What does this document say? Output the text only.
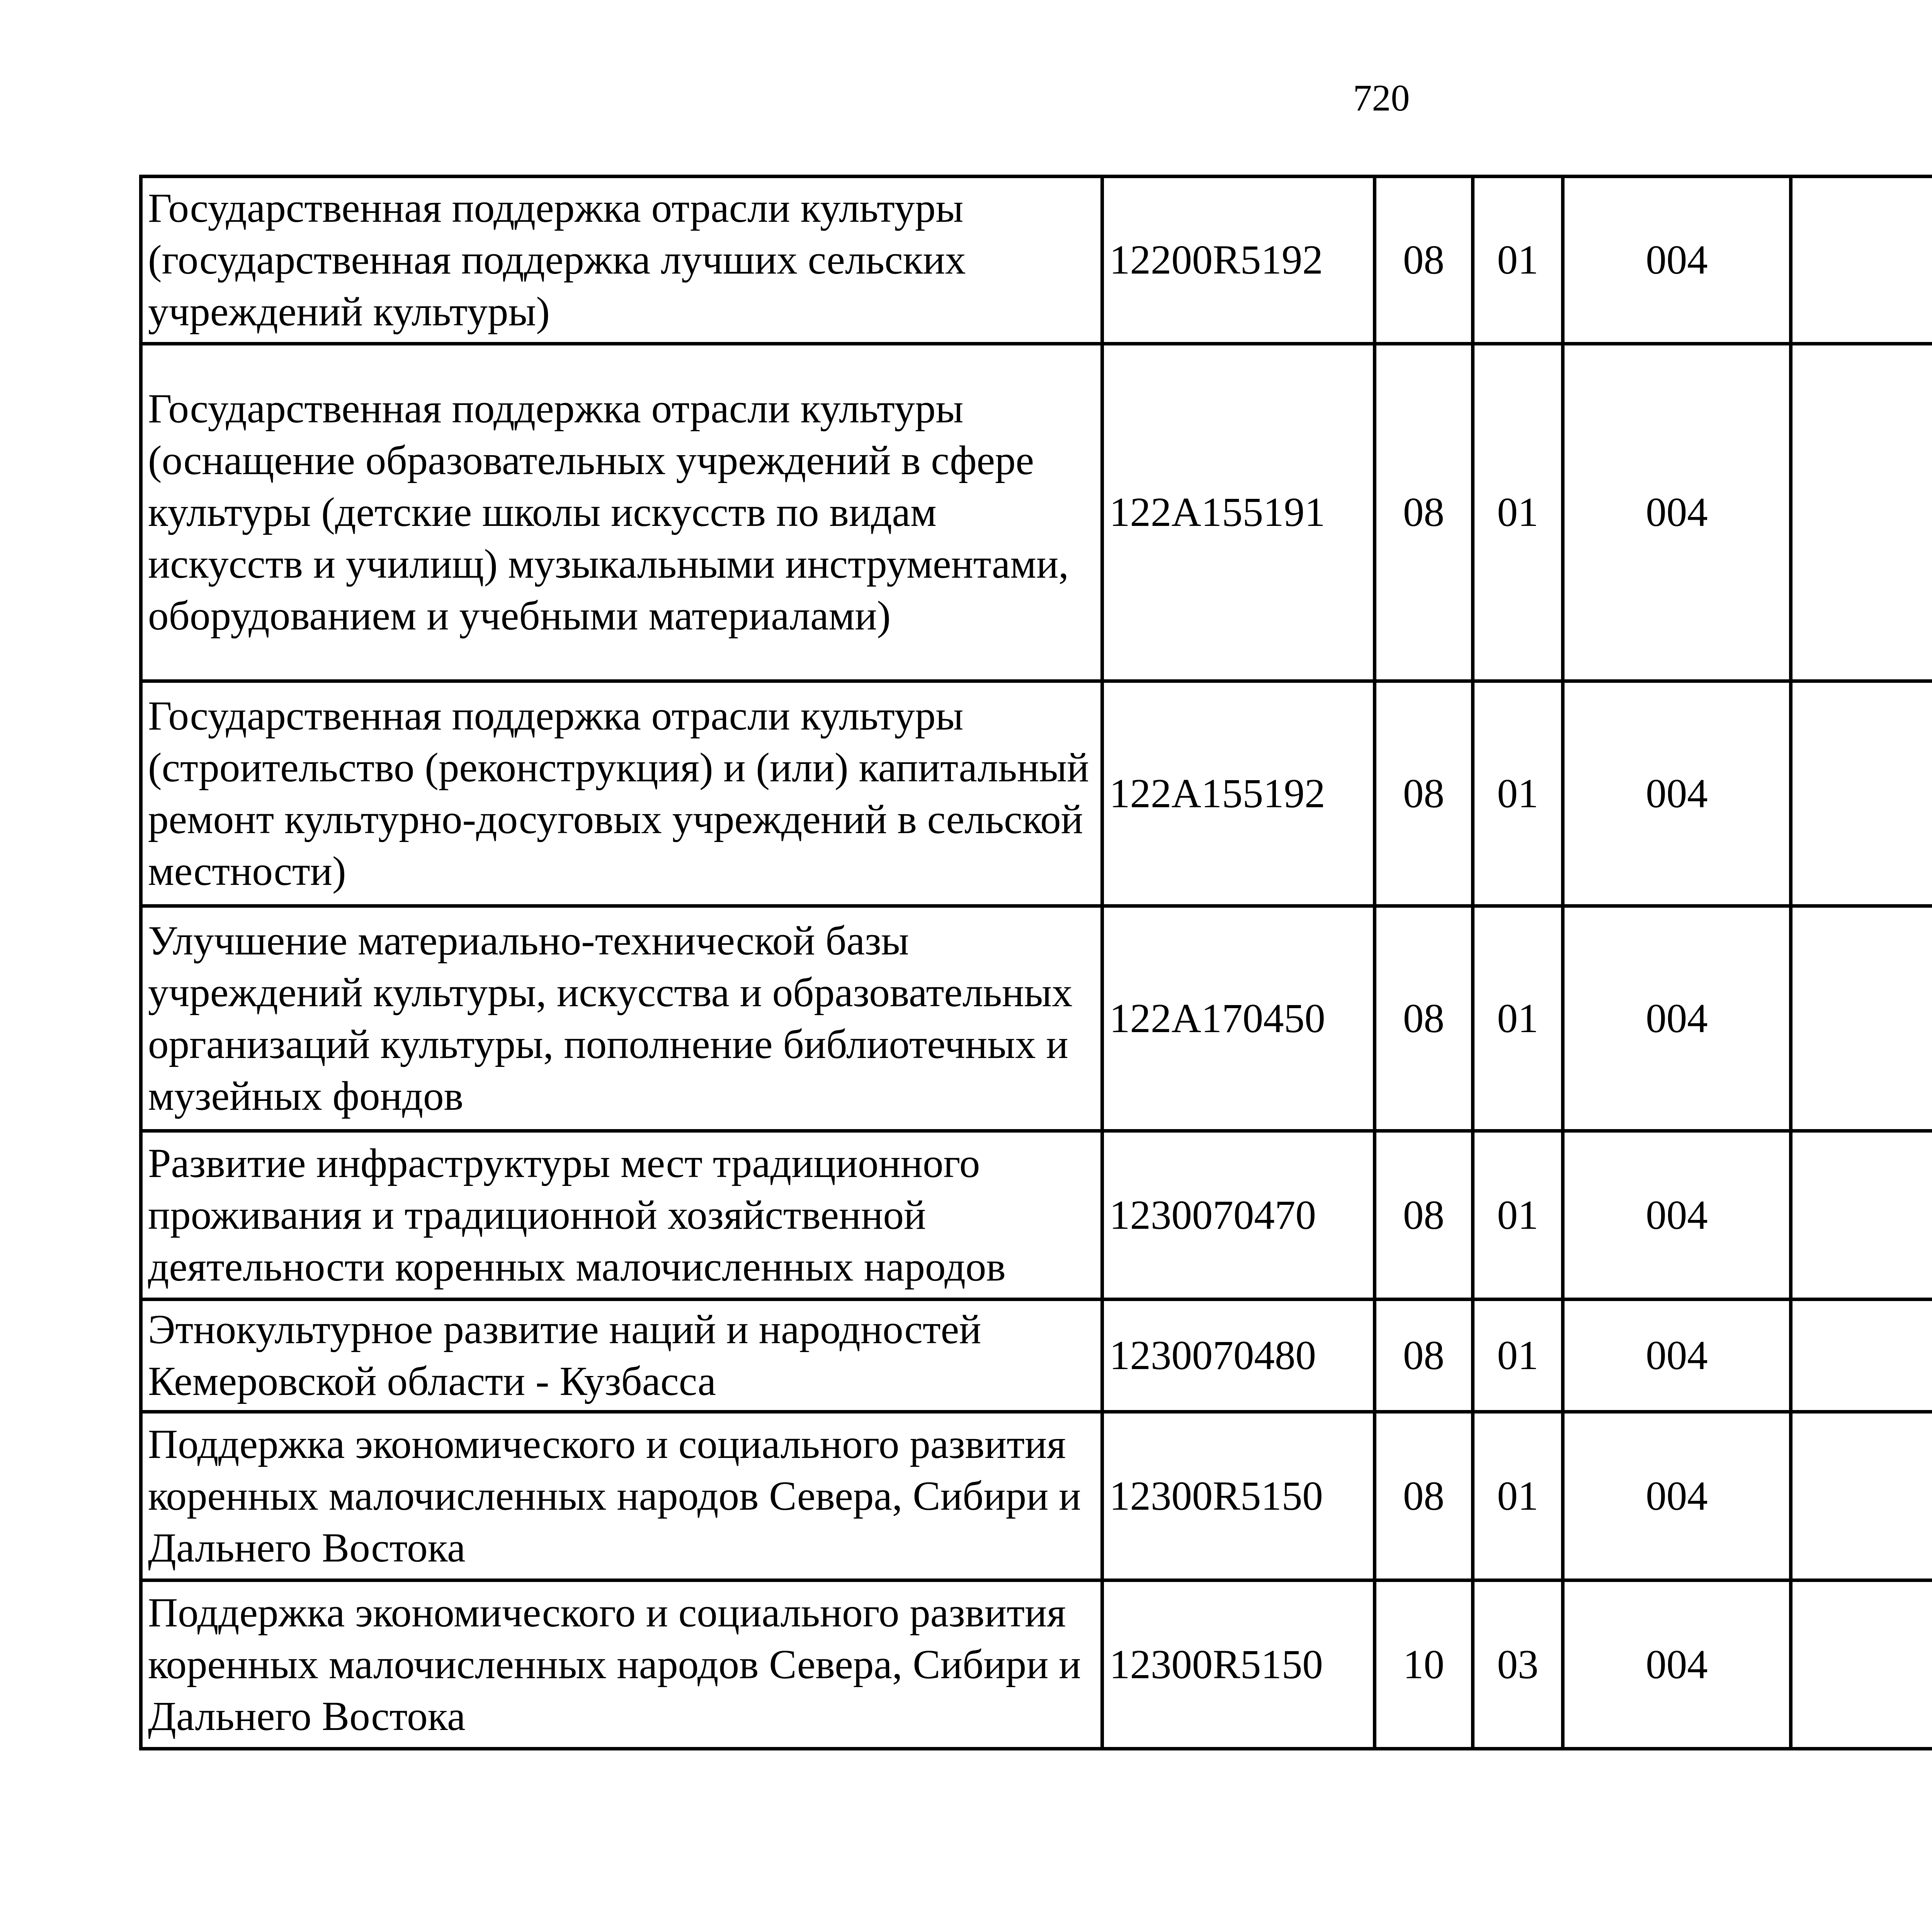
720
Государственная поддержка отрасли культуры (государственная поддержка лучших сельских учреждений культуры)	12200R5192	08	01	004			

Государственная поддержка отрасли культуры (оснащение образовательных учреждений в сфере культуры (детские школы искусств по видам искусств и училищ) музыкальными инструментами, оборудованием и учебными материалами)	122A155191	08	01	004			

Государственная поддержка отрасли культуры (строительство (реконструкция) и (или) капитальный ремонт культурно-досуговых учреждений в сельской местности)	122A155192	08	01	004			

Улучшение материально-технической базы учреждений культуры, искусства и образовательных организаций культуры, пополнение библиотечных и музейных фондов	122A170450	08	01	004			

Развитие инфраструктуры мест традиционного проживания и традиционной хозяйственной деятельности коренных малочисленных народов	1230070470	08	01	004			

Этнокультурное развитие наций и народностей Кемеровской области - Кузбасса	1230070480	08	01	004			

Поддержка экономического и социального развития коренных малочисленных народов Севера, Сибири и Дальнего Востока	12300R5150	08	01	004			

Поддержка экономического и социального развития коренных малочисленных народов Севера, Сибири и Дальнего Востока	12300R5150	10	03	004			
